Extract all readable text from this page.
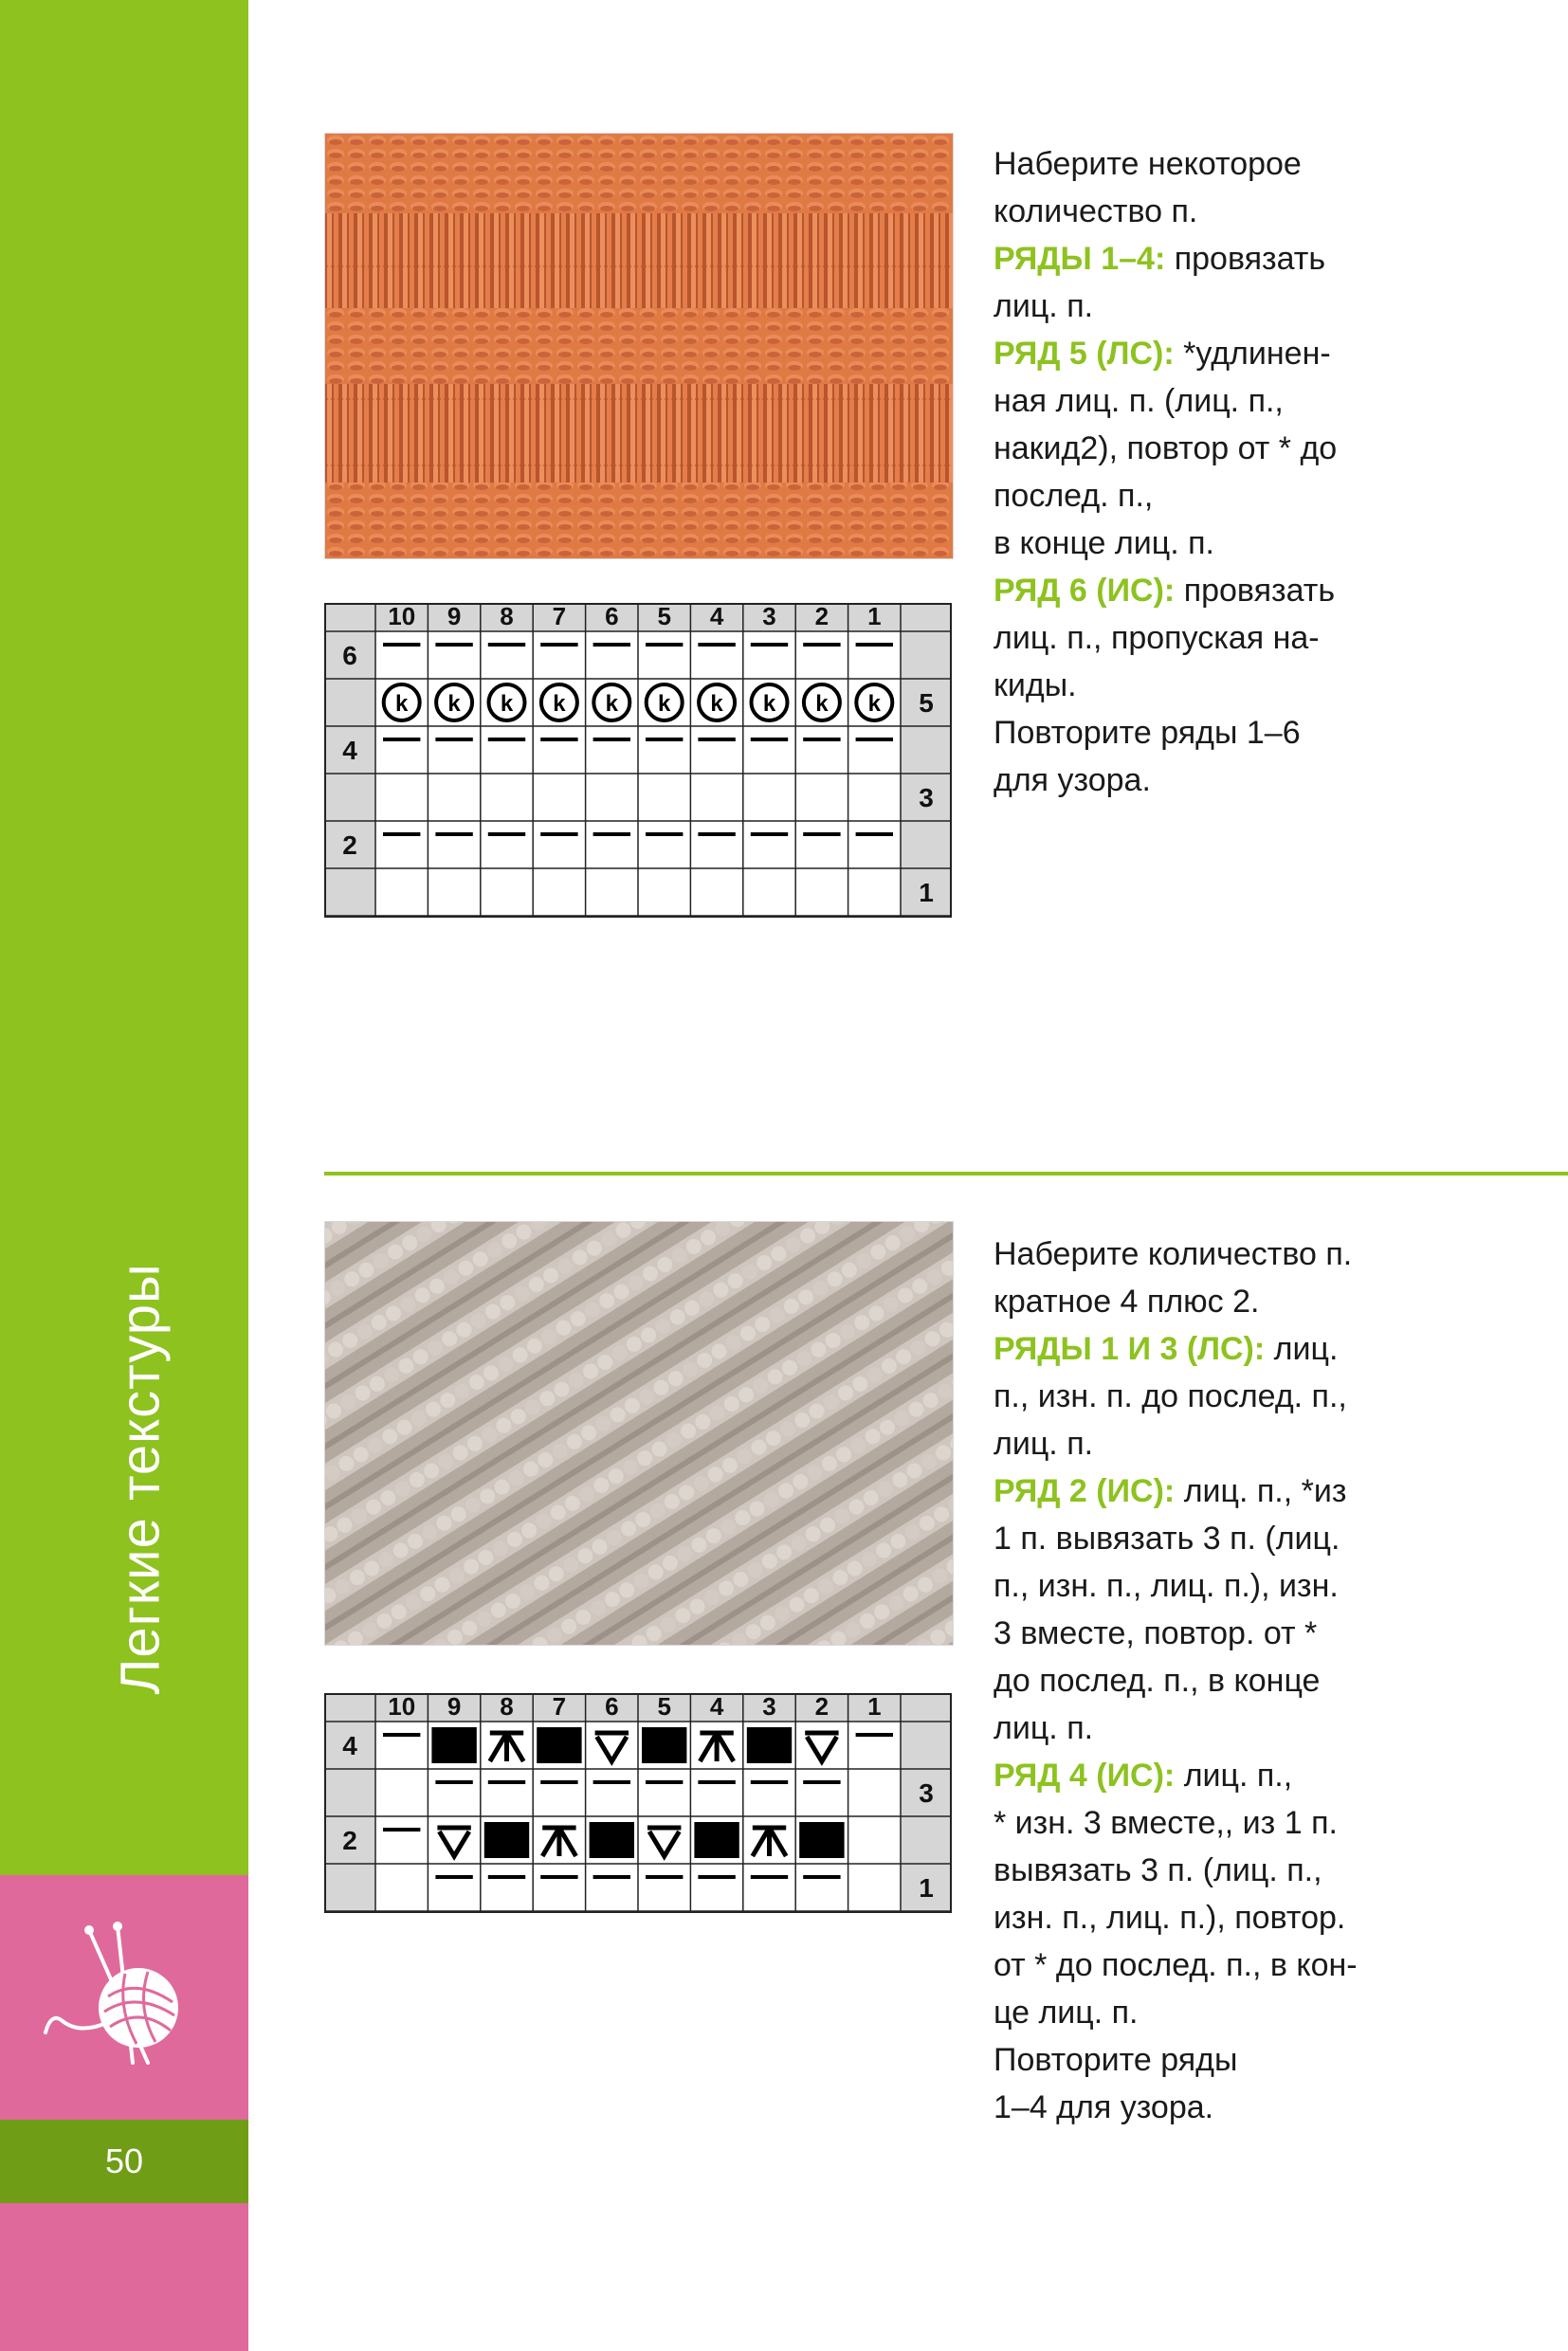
50
Легкие текстуры
10 9 8 7 6 5 4 3 2 1
6
5
k k k k k k k k k k
4
3
2
1

Наберите некоторое

количество п.

РЯДЫ 1–4: провязать

лиц. п.

РЯД 5 (ЛС): *удлинен-

ная лиц. п. (лиц. п.,

накид2), повтор от * до

послед. п.,

в конце лиц. п.

РЯД 6 (ИС): провязать

лиц. п., пропуская на-

киды.

Повторите ряды 1–6

для узора.

10 9 8 7 6 5 4 3 2 1
4
3
2
1

Наберите количество п.

кратное 4 плюс 2.

РЯДЫ 1 И 3 (ЛС): лиц.

п., изн. п. до послед. п.,

лиц. п.

РЯД 2 (ИС): лиц. п., *из

1 п. вывязать 3 п. (лиц.

п., изн. п., лиц. п.), изн.

3 вместе, повтор. от *

до послед. п., в конце

лиц. п.

РЯД 4 (ИС): лиц. п.,

* изн. 3 вместе,, из 1 п.

вывязать 3 п. (лиц. п.,

изн. п., лиц. п.), повтор.

от * до послед. п., в кон-

це лиц. п.

Повторите ряды

1–4 для узора.
